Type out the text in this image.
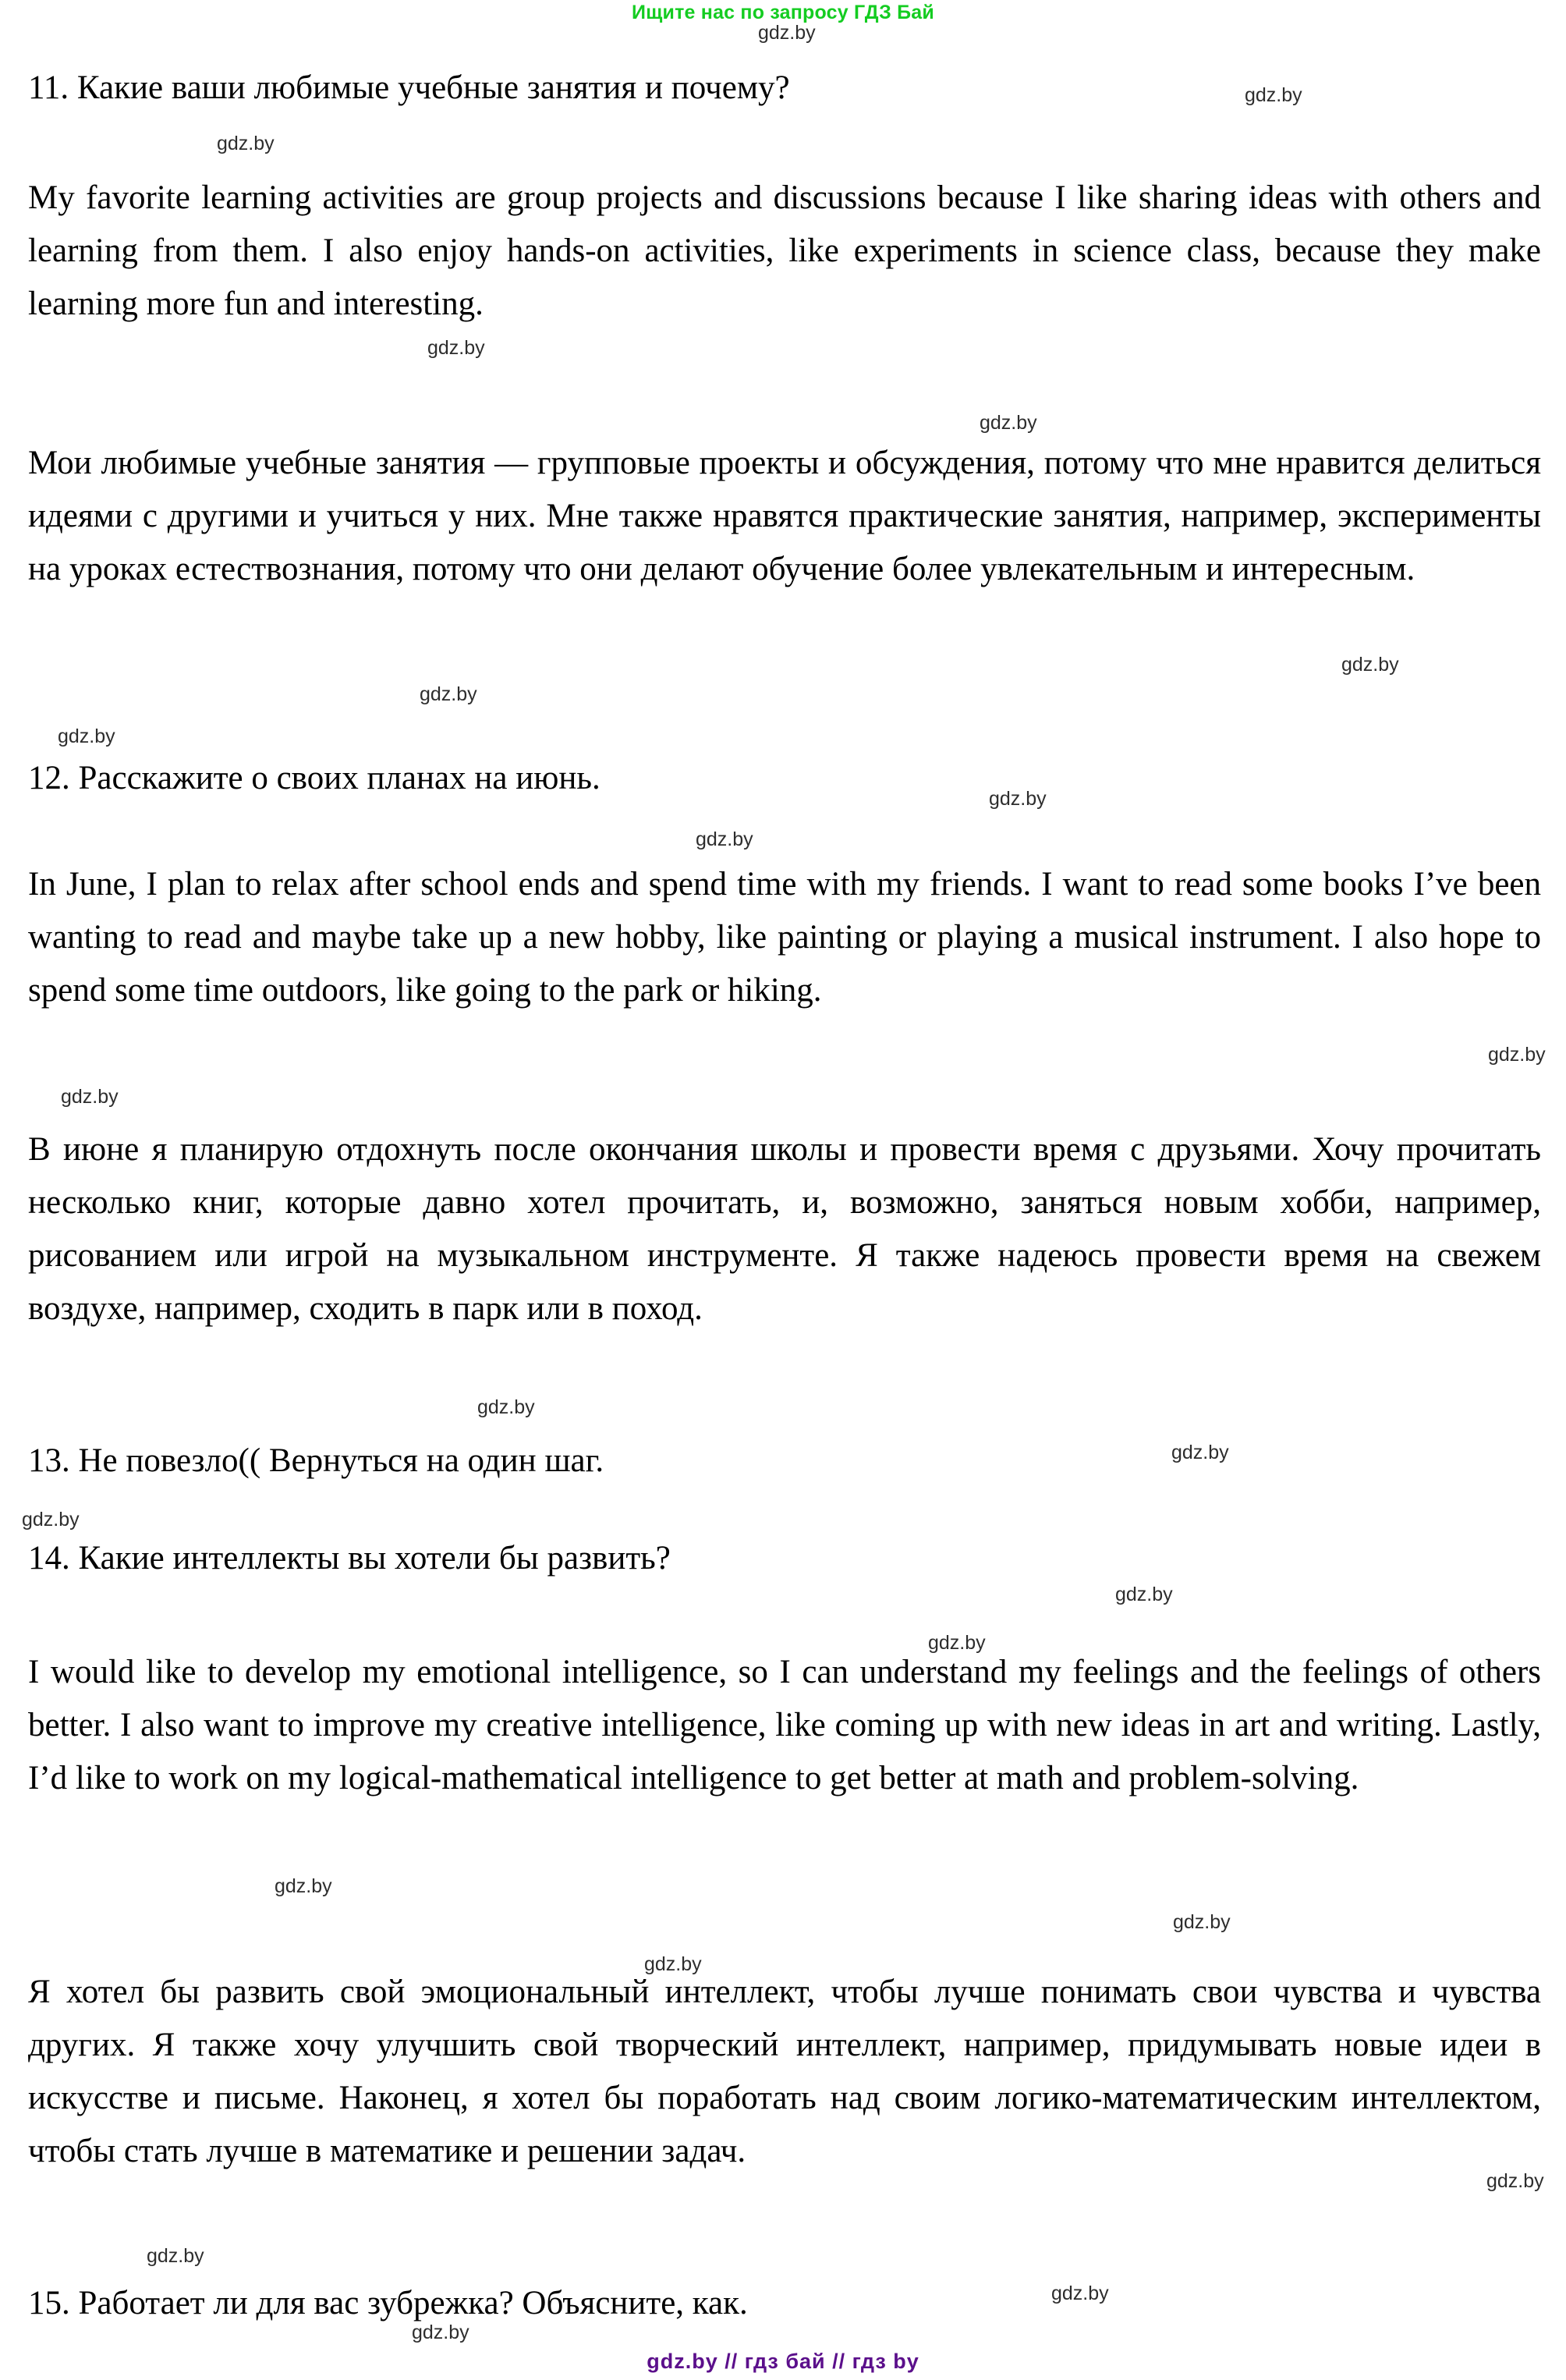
Ищите нас по запросу ГДЗ Бай
gdz.by
gdz.by
gdz.by
gdz.by
gdz.by
gdz.by
gdz.by
gdz.by
gdz.by
gdz.by
gdz.by
gdz.by
gdz.by
gdz.by
gdz.by
gdz.by
gdz.by
gdz.by
gdz.by
gdz.by
gdz.by
gdz.by
gdz.by
gdz.by
11. Какие ваши любимые учебные занятия и почему?
My favorite learning activities are group projects and discussions because I like sharing ideas with others and learning from them. I also enjoy hands-on activities, like experiments in science class, because they make learning more fun and interesting.
Мои любимые учебные занятия — групповые проекты и обсуждения, потому что мне нравится делиться идеями с другими и учиться у них. Мне также нравятся практические занятия, например, эксперименты на уроках естествознания, потому что они делают обучение более увлекательным и интересным.
12. Расскажите о своих планах на июнь.
In June, I plan to relax after school ends and spend time with my friends. I want to read some books I’ve been wanting to read and maybe take up a new hobby, like painting or playing a musical instrument. I also hope to spend some time outdoors, like going to the park or hiking.
В июне я планирую отдохнуть после окончания школы и провести время с друзьями. Хочу прочитать несколько книг, которые давно хотел прочитать, и, возможно, заняться новым хобби, например, рисованием или игрой на музыкальном инструменте. Я также надеюсь провести время на свежем воздухе, например, сходить в парк или в поход.
13. Не повезло(( Вернуться на один шаг.
14. Какие интеллекты вы хотели бы развить?
I would like to develop my emotional intelligence, so I can understand my feelings and the feelings of others better. I also want to improve my creative intelligence, like coming up with new ideas in art and writing. Lastly, I’d like to work on my logical-mathematical intelligence to get better at math and problem-solving.
Я хотел бы развить свой эмоциональный интеллект, чтобы лучше понимать свои чувства и чувства других. Я также хочу улучшить свой творческий интеллект, например, придумывать новые идеи в искусстве и письме. Наконец, я хотел бы поработать над своим логико-математическим интеллектом, чтобы стать лучше в математике и решении задач.
15. Работает ли для вас зубрежка? Объясните, как.
gdz.by // гдз бай // гдз by
